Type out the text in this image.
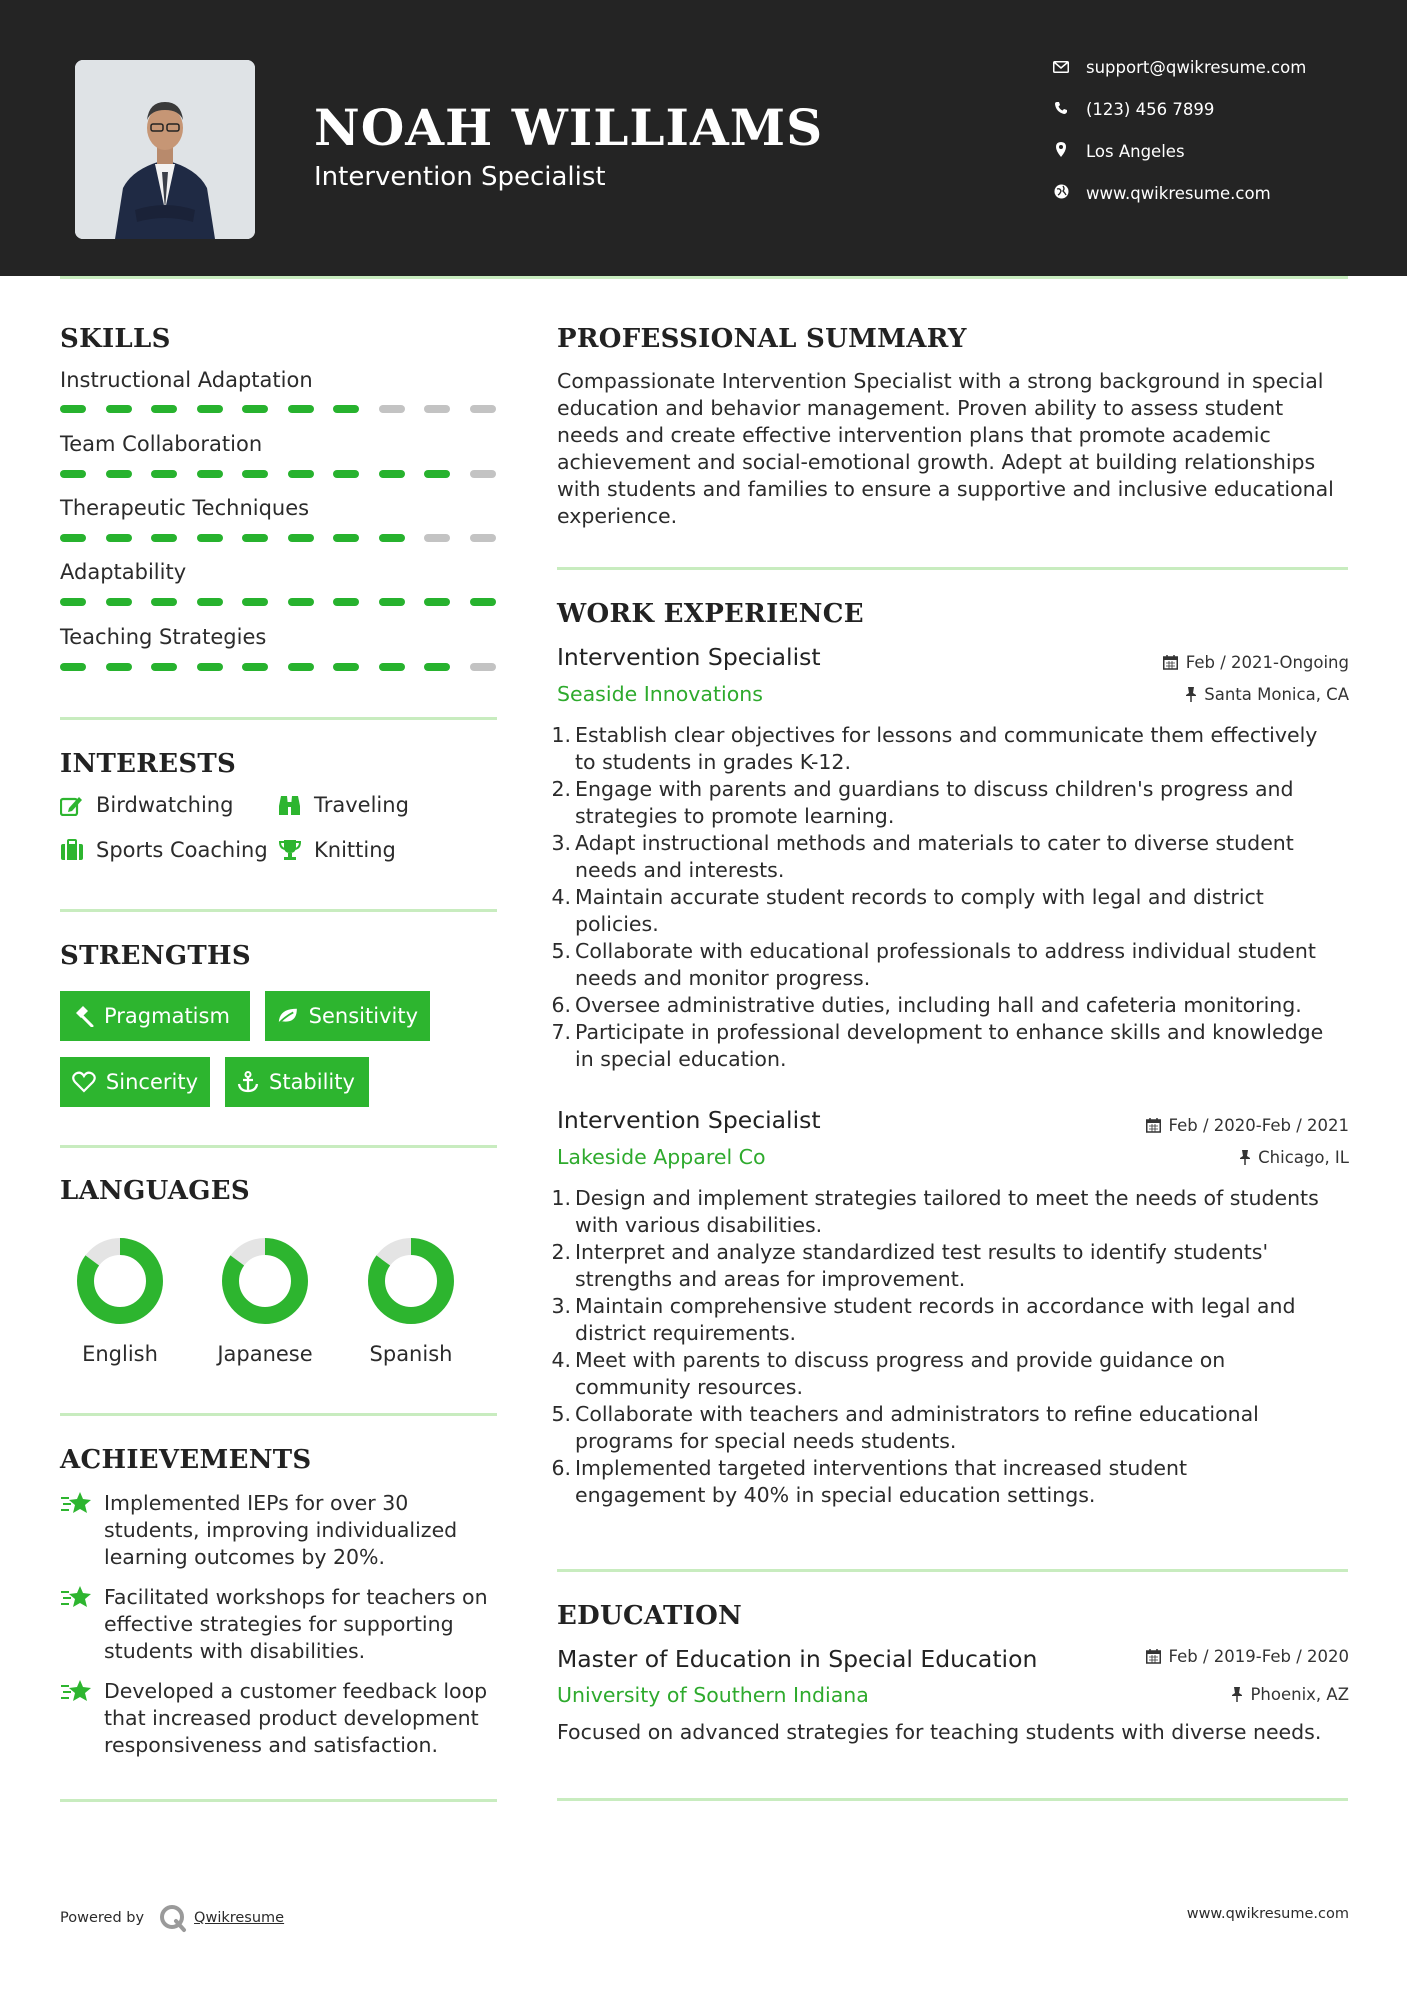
NOAH WILLIAMS
Intervention Specialist
support@qwikresume.com
(123) 456 7899
Los Angeles
www.qwikresume.com
SKILLS
Instructional Adaptation
Team Collaboration
Therapeutic Techniques
Adaptability
Teaching Strategies
INTERESTS
Birdwatching	Traveling
Sports Coaching Knitting
STRENGTHS
Pragmatism	Sensitivity
Sincerity	Stability
LANGUAGES
English	Japanese	Spanish
ACHIEVEMENTS
Implemented IEPs for over 30
students, improving individualized
learning outcomes by 20%.
Facilitated workshops for teachers on
effective strategies for supporting
students with disabilities.
Developed a customer feedback loop
that increased product development
responsiveness and satisfaction.
PROFESSIONAL SUMMARY
Compassionate Intervention Specialist with a strong background in special
education and behavior management. Proven ability to assess student
needs and create effective intervention plans that promote academic
achievement and social-emotional growth. Adept at building relationships
with students and families to ensure a supportive and inclusive educational
experience.
WORK EXPERIENCE
Intervention Specialist	Feb / 2021-Ongoing
Seaside Innovations	Santa Monica, CA
1. Establish clear objectives for lessons and communicate them effectively
to students in grades K-12.
2. Engage with parents and guardians to discuss children's progress and
strategies to promote learning.
3. Adapt instructional methods and materials to cater to diverse student
needs and interests.
4. Maintain accurate student records to comply with legal and district
policies.
5. Collaborate with educational professionals to address individual student
needs and monitor progress.
6. Oversee administrative duties, including hall and cafeteria monitoring.
7. Participate in professional development to enhance skills and knowledge
in special education.
Intervention Specialist	Feb / 2020-Feb / 2021
Lakeside Apparel Co	Chicago, IL
1. Design and implement strategies tailored to meet the needs of students
with various disabilities.
2. Interpret and analyze standardized test results to identify students'
strengths and areas for improvement.
3. Maintain comprehensive student records in accordance with legal and
district requirements.
4. Meet with parents to discuss progress and provide guidance on
community resources.
5. Collaborate with teachers and administrators to refine educational
programs for special needs students.
6. Implemented targeted interventions that increased student
engagement by 40% in special education settings.
EDUCATION
Master of Education in Special Education	Feb / 2019-Feb / 2020
University of Southern Indiana	Phoenix, AZ
Focused on advanced strategies for teaching students with diverse needs.
Powered by	Qwikresume	www.qwikresume.com
